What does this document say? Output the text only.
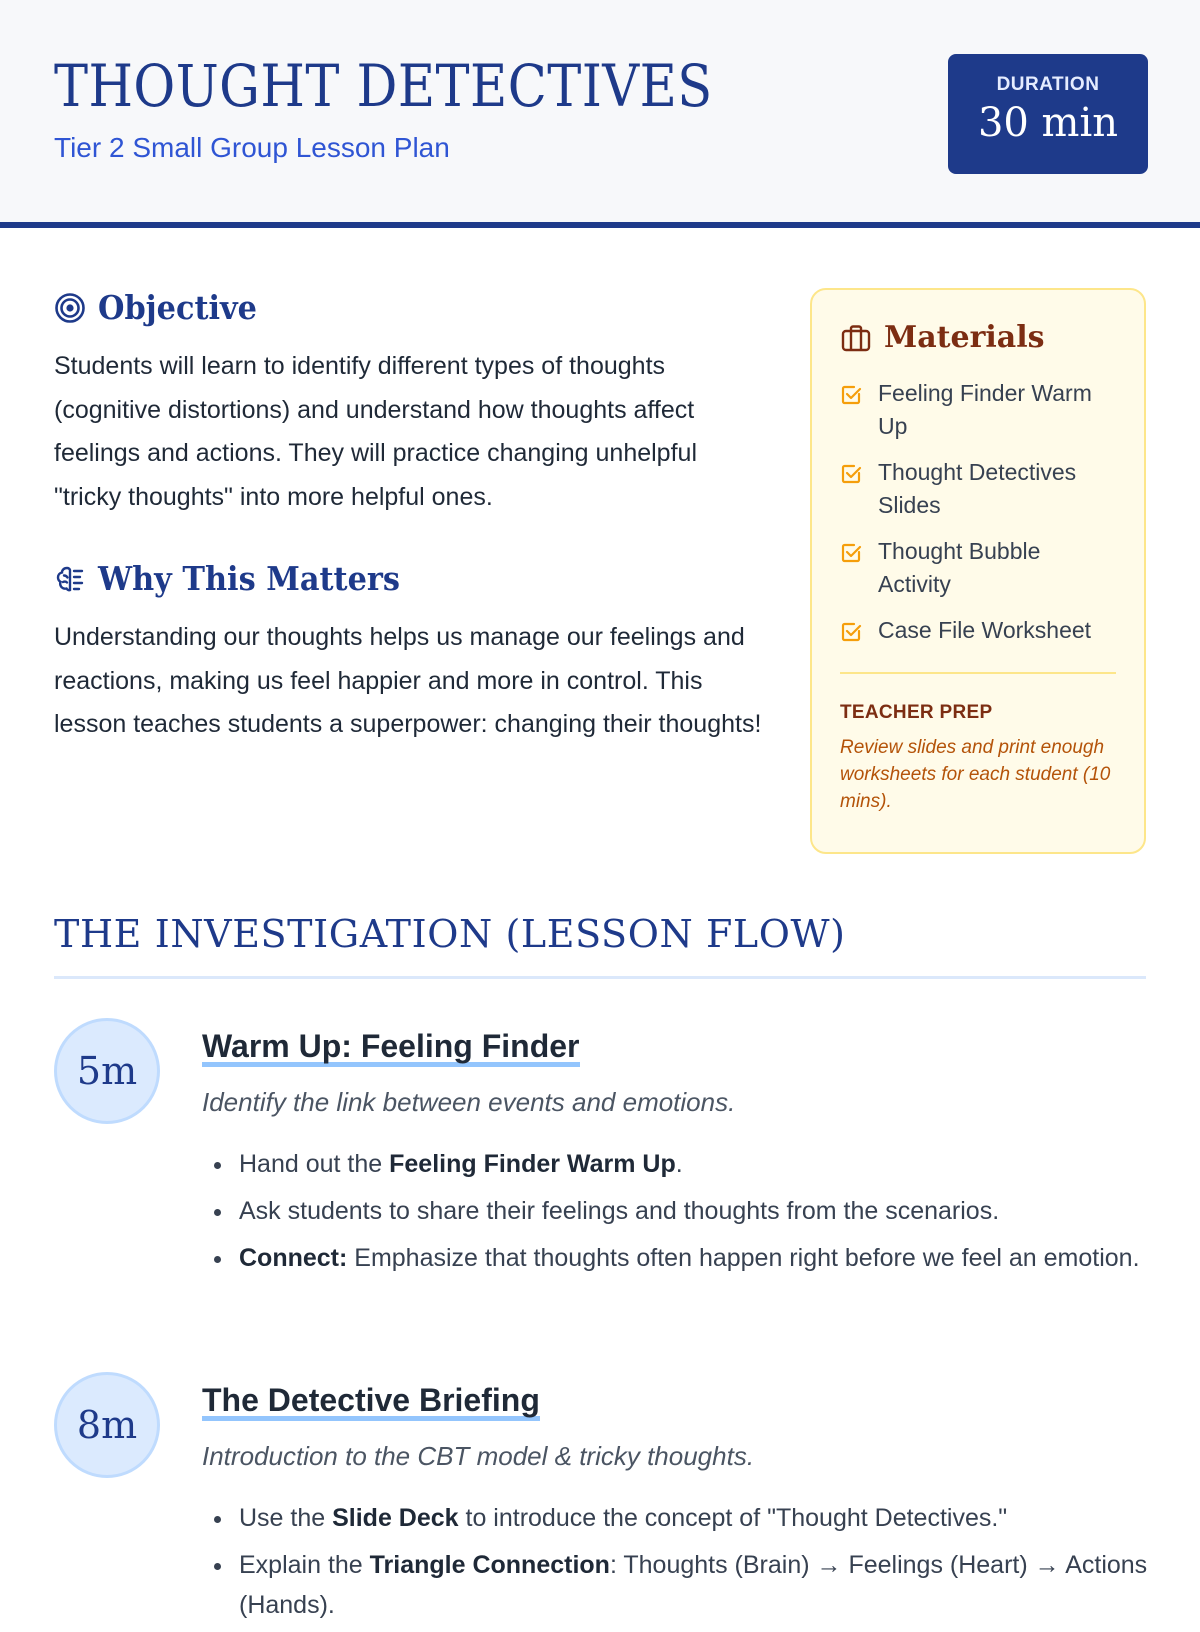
THOUGHT DETECTIVES
Tier 2 Small Group Lesson Plan
DURATION
30 min
Objective

Students will learn to identify different types of thoughts (cognitive distortions) and understand how thoughts affect feelings and actions. They will practice changing unhelpful "tricky thoughts" into more helpful ones.

Why This Matters

Understanding our thoughts helps us manage our feelings and reactions, making us feel happier and more in control. This lesson teaches students a superpower: changing their thoughts!

Materials
Feeling Finder Warm Up
Thought Detectives Slides
Thought Bubble Activity
Case File Worksheet
TEACHER PREP
Review slides and print enough worksheets for each student (10 mins).
THE INVESTIGATION (LESSON FLOW)
5m
Warm Up: Feeling Finder
Identify the link between events and emotions.
• Hand out the Feeling Finder Warm Up.
• Ask students to share their feelings and thoughts from the scenarios.
• Connect: Emphasize that thoughts often happen right before we feel an emotion.
8m
The Detective Briefing
Introduction to the CBT model & tricky thoughts.
• Use the Slide Deck to introduce the concept of "Thought Detectives."
• Explain the Triangle Connection: Thoughts (Brain) → Feelings (Heart) → Actions (Hands).
